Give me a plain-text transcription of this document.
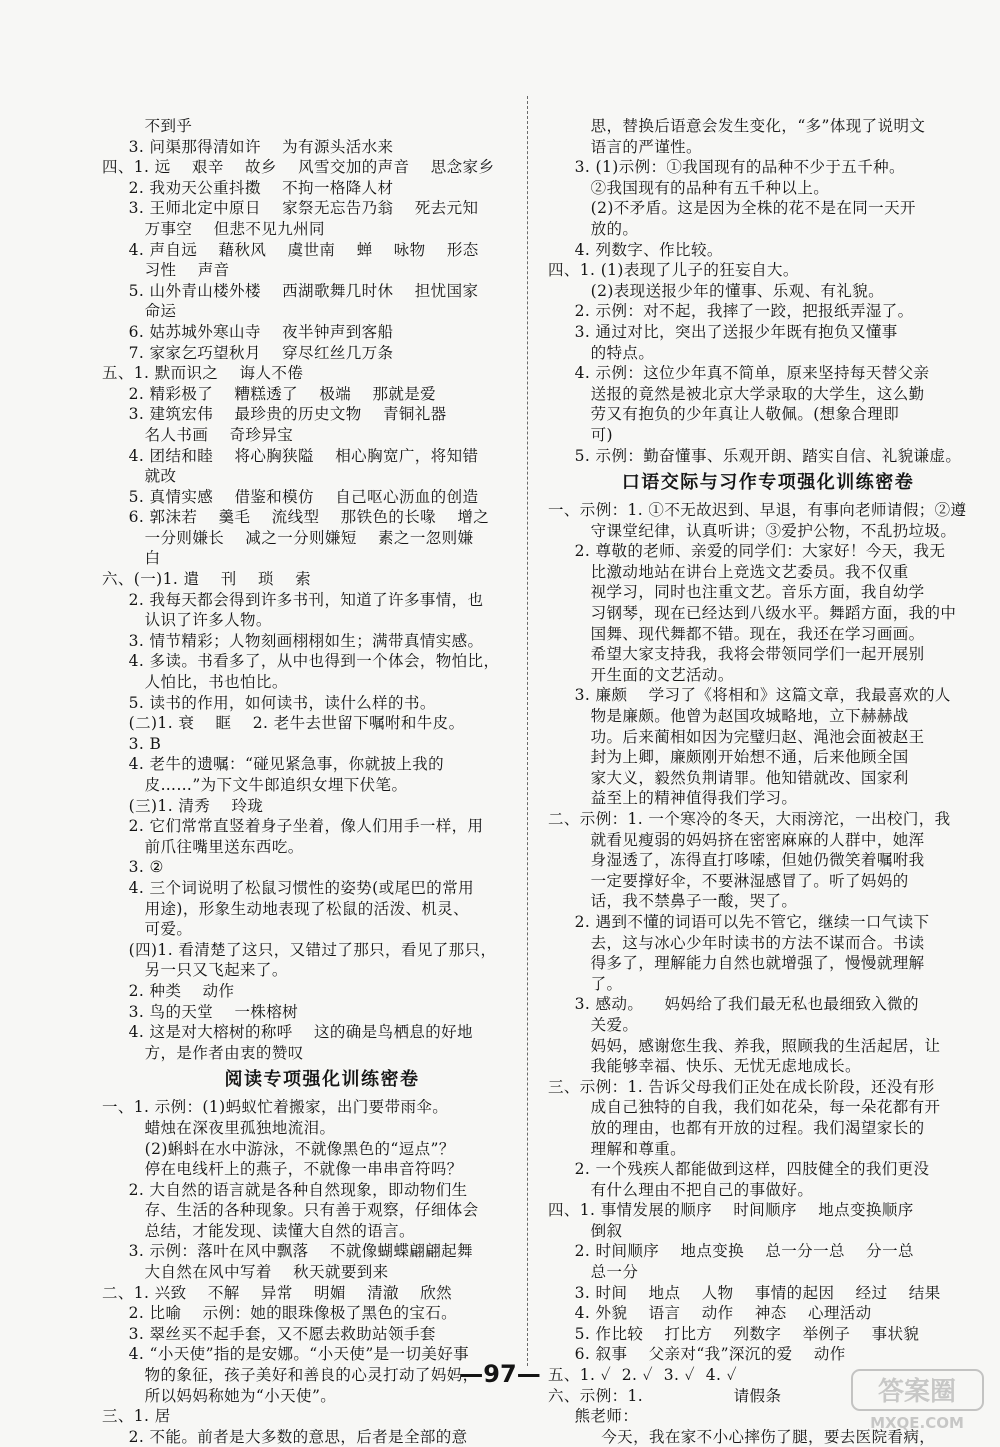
不到乎
3. 问渠那得清如许    为有源头活水来
四、1. 远    艰辛    故乡    风雪交加的声音    思念家乡
2. 我劝天公重抖擞    不拘一格降人材
3. 王师北定中原日    家祭无忘告乃翁    死去元知
万事空    但悲不见九州同
4. 声自远    藉秋风    虞世南    蝉    咏物    形态
习性    声音
5. 山外青山楼外楼    西湖歌舞几时休    担忧国家
命运
6. 姑苏城外寒山寺    夜半钟声到客船
7. 家家乞巧望秋月    穿尽红丝几万条
五、1. 默而识之    诲人不倦
2. 精彩极了    糟糕透了    极端    那就是爱
3. 建筑宏伟    最珍贵的历史文物    青铜礼器
名人书画    奇珍异宝
4. 团结和睦    将心胸狭隘    相心胸宽广，将知错
就改
5. 真情实感    借鉴和模仿    自己呕心沥血的创造
6. 郭沫若    羹毛    流线型    那铁色的长喙    增之
一分则嫌长    减之一分则嫌短    素之一忽则嫌
白
六、(一)1. 遣    刊    琐    索
2. 我每天都会得到许多书刊，知道了许多事情，也
认识了许多人物。
3. 情节精彩；人物刻画栩栩如生；满带真情实感。
4. 多读。书看多了，从中也得到一个体会，物怕比，
人怕比，书也怕比。
5. 读书的作用，如何读书，读什么样的书。
(二)1. 衰    眶    2. 老牛去世留下嘱咐和牛皮。
3. B
4. 老牛的遗嘱：“碰见紧急事，你就披上我的
皮……”为下文牛郎追织女埋下伏笔。
(三)1. 清秀    玲珑
2. 它们常常直竖着身子坐着，像人们用手一样，用
前爪往嘴里送东西吃。
3. ②
4. 三个词说明了松鼠习惯性的姿势(或尾巴的常用
用途)，形象生动地表现了松鼠的活泼、机灵、
可爱。
(四)1. 看清楚了这只，又错过了那只，看见了那只，
另一只又飞起来了。
2. 种类    动作
3. 鸟的天堂    一株榕树
4. 这是对大榕树的称呼    这的确是鸟栖息的好地
方，是作者由衷的赞叹
阅读专项强化训练密卷
一、1. 示例：(1)蚂蚁忙着搬家，出门要带雨伞。
蜡烛在深夜里孤独地流泪。
(2)蝌蚪在水中游泳，不就像黑色的“逗点”？
停在电线杆上的燕子，不就像一串串音符吗？
2. 大自然的语言就是各种自然现象，即动物们生
存、生活的各种现象。只有善于观察，仔细体会
总结，才能发现、读懂大自然的语言。
3. 示例：落叶在风中飘落    不就像蝴蝶翩翩起舞
大自然在风中写着    秋天就要到来
二、1. 兴致    不解    异常    明媚    清澈    欣然
2. 比喻    示例：她的眼珠像极了黑色的宝石。
3. 翠丝买不起手套，又不愿去救助站领手套
4. “小天使”指的是安娜。“小天使”是一切美好事
物的象征，孩子美好和善良的心灵打动了妈妈，
所以妈妈称她为“小天使”。
三、1. 居
2. 不能。前者是大多数的意思，后者是全部的意
思，替换后语意会发生变化，“多”体现了说明文
语言的严谨性。
3. (1)示例：①我国现有的品种不少于五千种。
②我国现有的品种有五千种以上。
(2)不矛盾。这是因为全株的花不是在同一天开
放的。
4. 列数字、作比较。
四、1. (1)表现了儿子的狂妄自大。
(2)表现送报少年的懂事、乐观、有礼貌。
2. 示例：对不起，我摔了一跤，把报纸弄湿了。
3. 通过对比，突出了送报少年既有抱负又懂事
的特点。
4. 示例：这位少年真不简单，原来坚持每天替父亲
送报的竟然是被北京大学录取的大学生，这么勤
劳又有抱负的少年真让人敬佩。(想象合理即
可)
5. 示例：勤奋懂事、乐观开朗、踏实自信、礼貌谦虚。
口语交际与习作专项强化训练密卷
一、示例：1. ①不无故迟到、早退，有事向老师请假；②遵
守课堂纪律，认真听讲；③爱护公物，不乱扔垃圾。
2. 尊敬的老师、亲爱的同学们：大家好！今天，我无
比激动地站在讲台上竞选文艺委员。我不仅重
视学习，同时也注重文艺。音乐方面，我自幼学
习钢琴，现在已经达到八级水平。舞蹈方面，我的中
国舞、现代舞都不错。现在，我还在学习画画。
希望大家支持我，我将会带领同学们一起开展别
开生面的文艺活动。
3. 廉颇    学习了《将相和》这篇文章，我最喜欢的人
物是廉颇。他曾为赵国攻城略地，立下赫赫战
功。后来蔺相如因为完璧归赵、渑池会面被赵王
封为上卿，廉颇刚开始想不通，后来他顾全国
家大义，毅然负荆请罪。他知错就改、国家利
益至上的精神值得我们学习。
二、示例：1. 一个寒冷的冬天，大雨滂沱，一出校门，我
就看见瘦弱的妈妈挤在密密麻麻的人群中，她浑
身湿透了，冻得直打哆嗦，但她仍微笑着嘱咐我
一定要撑好伞，不要淋湿感冒了。听了妈妈的
话，我不禁鼻子一酸，哭了。
2. 遇到不懂的词语可以先不管它，继续一口气读下
去，这与冰心少年时读书的方法不谋而合。书读
得多了，理解能力自然也就增强了，慢慢就理解
了。
3. 感动。    妈妈给了我们最无私也最细致入微的
关爱。
妈妈，感谢您生我、养我，照顾我的生活起居，让
我能够幸福、快乐、无忧无虑地成长。
三、示例：1. 告诉父母我们正处在成长阶段，还没有形
成自己独特的自我，我们如花朵，每一朵花都有开
放的理由，也都有开放的过程。我们渴望家长的
理解和尊重。
2. 一个残疾人都能做到这样，四肢健全的我们更没
有什么理由不把自己的事做好。
四、1. 事情发展的顺序    时间顺序    地点变换顺序
倒叙
2. 时间顺序    地点变换    总一分一总    分一总
总一分
3. 时间    地点    人物    事情的起因    经过    结果
4. 外貌    语言    动作    神态    心理活动
5. 作比较    打比方    列数字    举例子    事状貌
6. 叙事    父亲对“我”深沉的爱    动作
五、1. ✓  2. ✓  3. ✓  4. ✓
六、示例：1.                 请假条
熊老师：
今天，我在家不小心摔伤了腿，要去医院看病，
—97—
答案圈
MXQE.COM
